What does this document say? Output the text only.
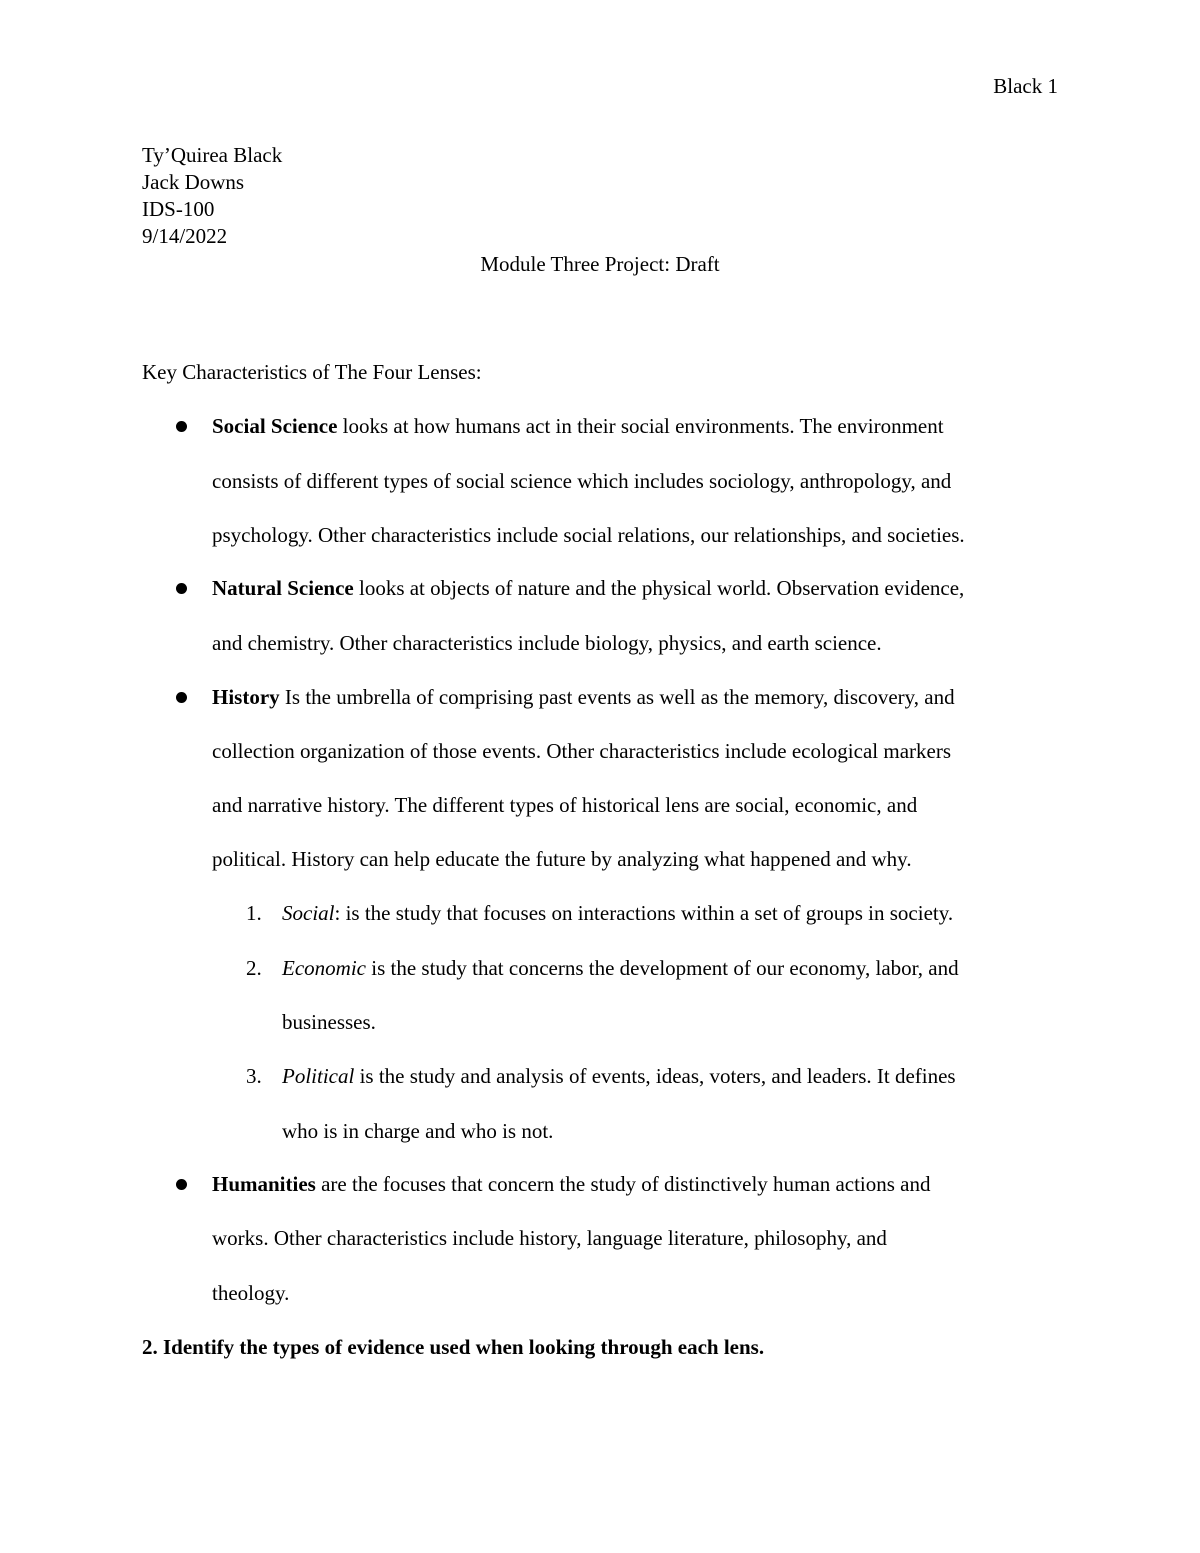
Black 1
Ty’Quirea Black
Jack Downs
IDS-100
9/14/2022
Module Three Project: Draft
Key Characteristics of The Four Lenses:
Social Science looks at how humans act in their social environments. The environment
consists of different types of social science which includes sociology, anthropology, and
psychology. Other characteristics include social relations, our relationships, and societies.
Natural Science looks at objects of nature and the physical world. Observation evidence,
and chemistry. Other characteristics include biology, physics, and earth science.
History Is the umbrella of comprising past events as well as the memory, discovery, and
collection organization of those events. Other characteristics include ecological markers
and narrative history. The different types of historical lens are social, economic, and
political. History can help educate the future by analyzing what happened and why.
1. Social: is the study that focuses on interactions within a set of groups in society.
2. Economic is the study that concerns the development of our economy, labor, and
businesses.
3. Political is the study and analysis of events, ideas, voters, and leaders. It defines
who is in charge and who is not.
Humanities are the focuses that concern the study of distinctively human actions and
works. Other characteristics include history, language literature, philosophy, and
theology.
2. Identify the types of evidence used when looking through each lens.
